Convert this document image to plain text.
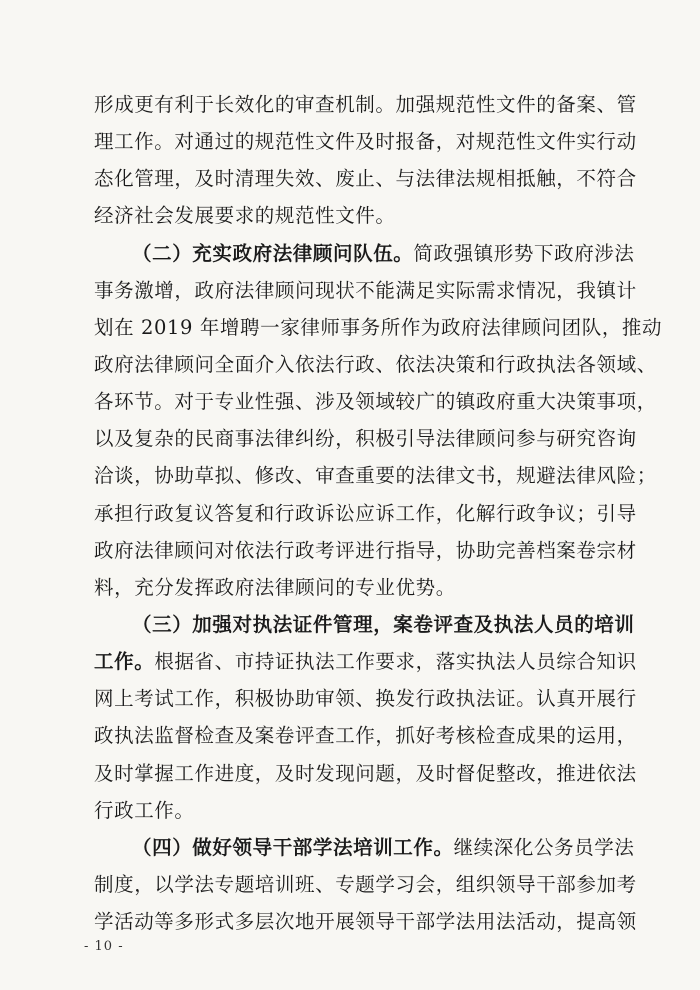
形成更有利于长效化的审查机制。加强规范性文件的备案、管
理工作。对通过的规范性文件及时报备，对规范性文件实行动
态化管理，及时清理失效、废止、与法律法规相抵触，不符合
经济社会发展要求的规范性文件。
（二）充实政府法律顾问队伍。简政强镇形势下政府涉法
事务激增，政府法律顾问现状不能满足实际需求情况，我镇计
划在 2019 年增聘一家律师事务所作为政府法律顾问团队，推动
政府法律顾问全面介入依法行政、依法决策和行政执法各领域、
各环节。对于专业性强、涉及领域较广的镇政府重大决策事项，
以及复杂的民商事法律纠纷，积极引导法律顾问参与研究咨询
洽谈，协助草拟、修改、审查重要的法律文书，规避法律风险；
承担行政复议答复和行政诉讼应诉工作，化解行政争议；引导
政府法律顾问对依法行政考评进行指导，协助完善档案卷宗材
料，充分发挥政府法律顾问的专业优势。
（三）加强对执法证件管理，案卷评查及执法人员的培训
工作。根据省、市持证执法工作要求，落实执法人员综合知识
网上考试工作，积极协助审领、换发行政执法证。认真开展行
政执法监督检查及案卷评查工作，抓好考核检查成果的运用，
及时掌握工作进度，及时发现问题，及时督促整改，推进依法
行政工作。
（四）做好领导干部学法培训工作。继续深化公务员学法
制度，以学法专题培训班、专题学习会，组织领导干部参加考
学活动等多形式多层次地开展领导干部学法用法活动，提高领
- 10 -
